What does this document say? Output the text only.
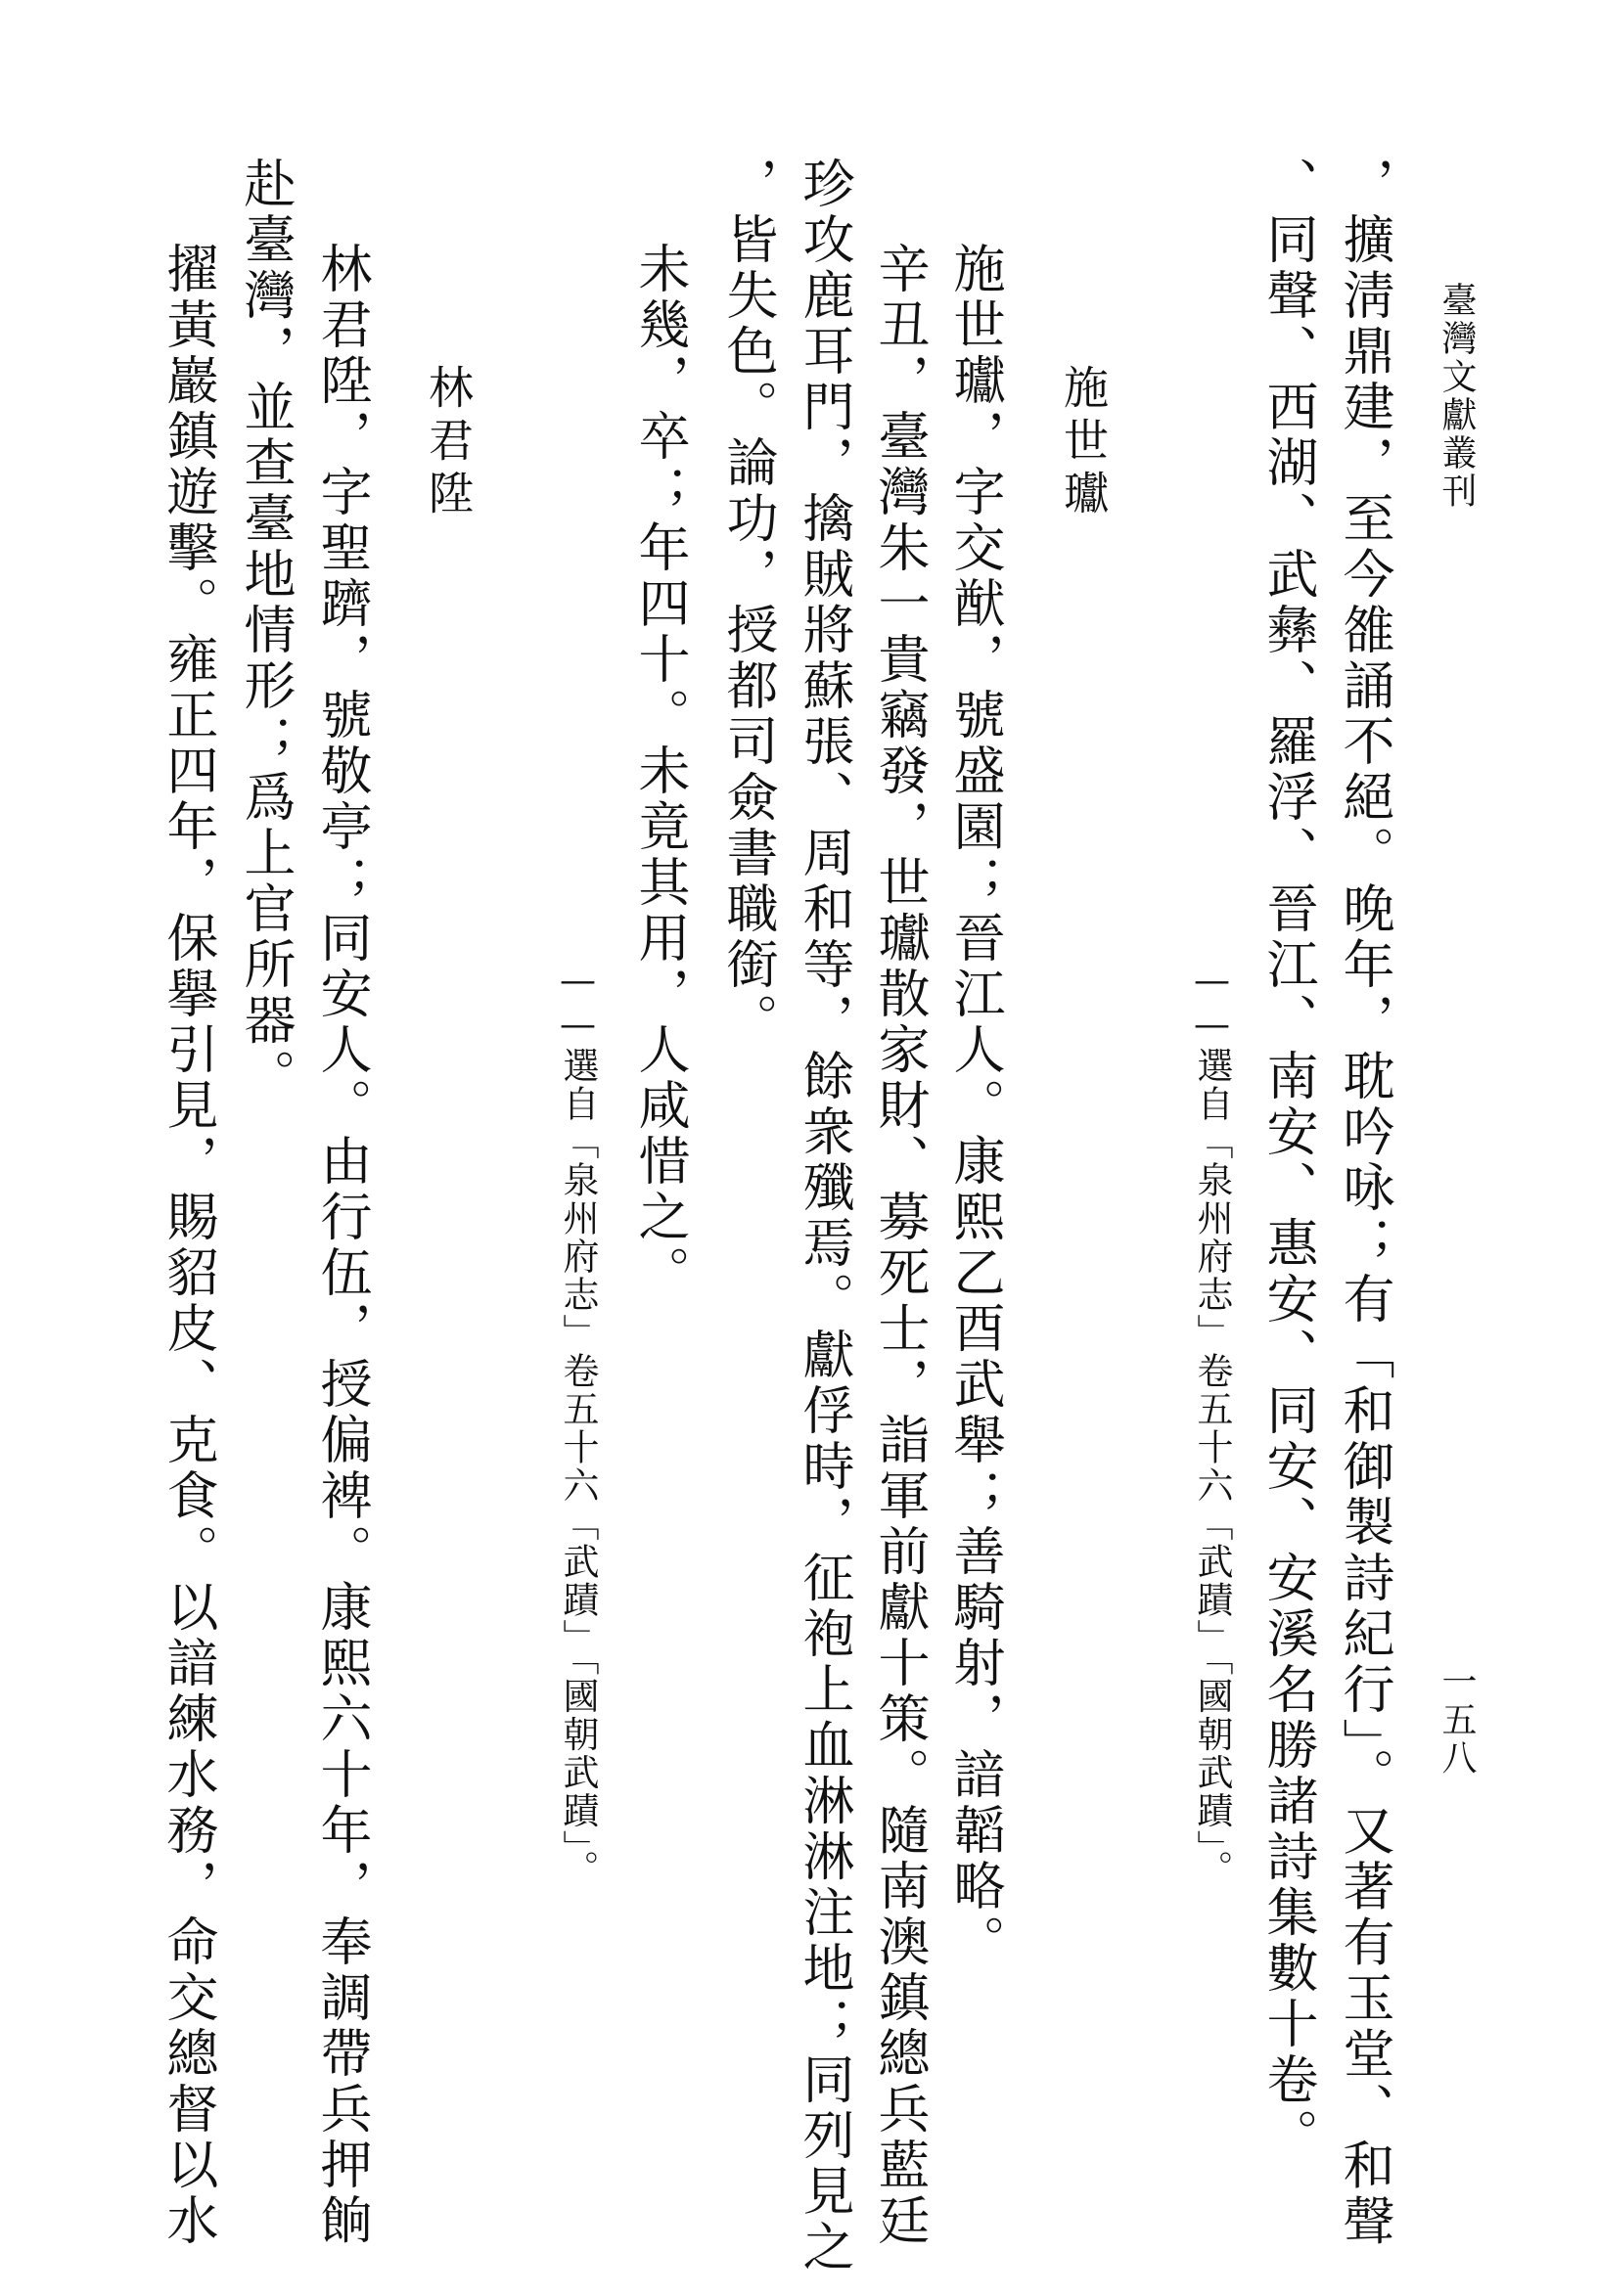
臺灣文獻叢刊
一五八
，擴淸鼎建，至今雒誦不絕。晚年，耽吟咏；有「和御製詩紀行」。又著有玉堂、和聲
、同聲、西湖、武彝、羅浮、晉江、南安、惠安、同安、安溪名勝諸詩集數十卷。
——選自「泉州府志」卷五十六「武蹟」「國朝武蹟」。
施世瓛
施世瓛，字交猷，號盛園；晉江人。康熙乙酉武舉；善騎射，諳韜略。
辛丑，臺灣朱一貴竊發，世瓛散家財、募死士，詣軍前獻十策。隨南澳鎮總兵藍廷
珍攻鹿耳門，擒賊將蘇張、周和等，餘衆殲焉。獻俘時，征袍上血淋淋注地；同列見之
，皆失色。論功，授都司僉書職銜。
未幾，卒；年四十。未竟其用，人咸惜之。
——選自「泉州府志」卷五十六「武蹟」「國朝武蹟」。
林君陞
林君陞，字聖躋，號敬亭；同安人。由行伍，授偏裨。康熙六十年，奉調帶兵押餉
赴臺灣，並查臺地情形；爲上官所器。
擢黃巖鎮遊擊。雍正四年，保擧引見，賜貂皮、克食。以諳練水務，命交總督以水
